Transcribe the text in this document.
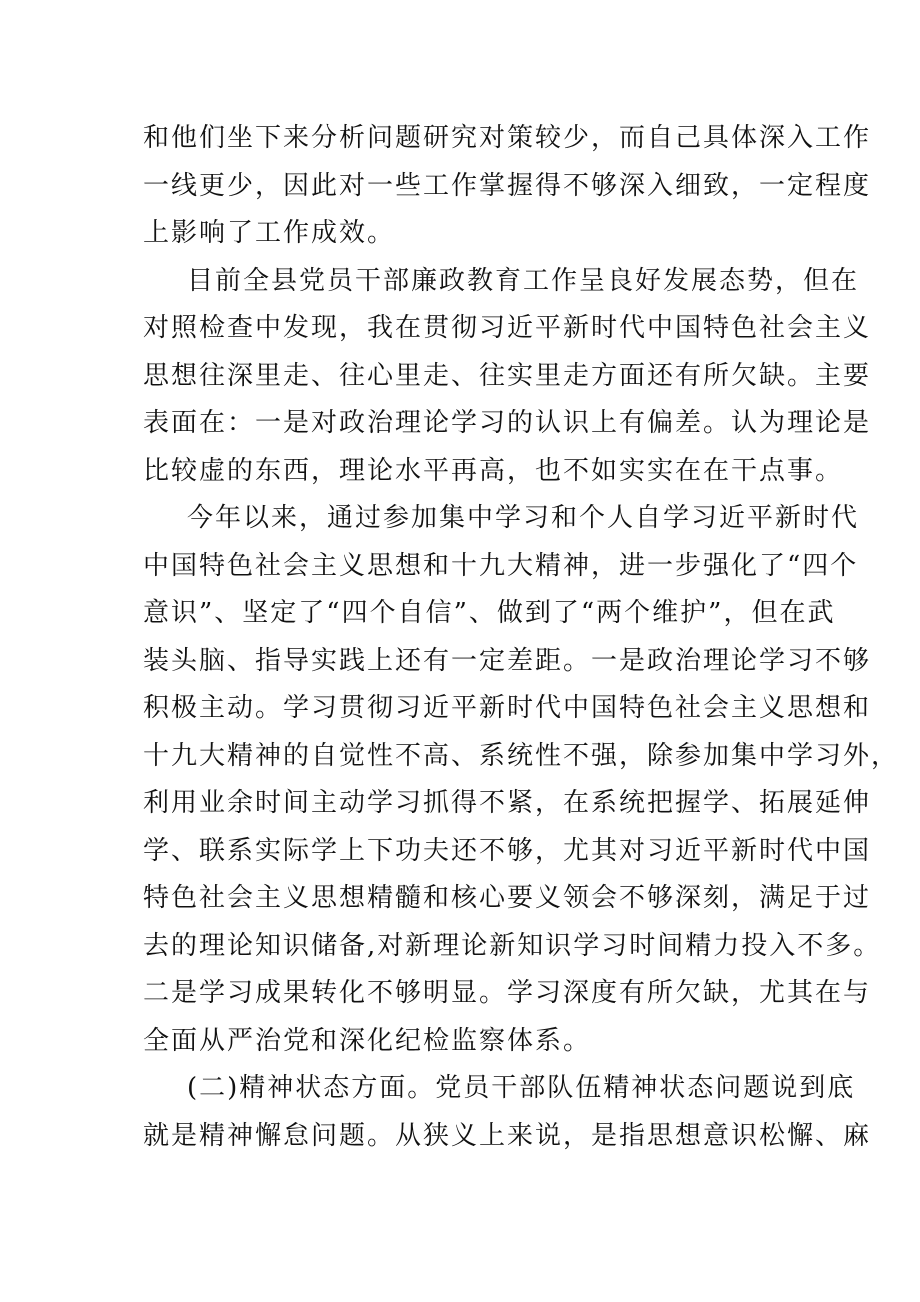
和他们坐下来分析问题研究对策较少，而自己具体深入工作
一线更少，因此对一些工作掌握得不够深入细致，一定程度
上影响了工作成效。
目前全县党员干部廉政教育工作呈良好发展态势，但在
对照检查中发现，我在贯彻习近平新时代中国特色社会主义
思想往深里走、往心里走、往实里走方面还有所欠缺。主要
表面在：一是对政治理论学习的认识上有偏差。认为理论是
比较虚的东西，理论水平再高，也不如实实在在干点事。
今年以来，通过参加集中学习和个人自学习近平新时代
中国特色社会主义思想和十九大精神，进一步强化了“四个
意识”、坚定了“四个自信”、做到了“两个维护”，但在武
装头脑、指导实践上还有一定差距。一是政治理论学习不够
积极主动。学习贯彻习近平新时代中国特色社会主义思想和
十九大精神的自觉性不高、系统性不强，除参加集中学习外，
利用业余时间主动学习抓得不紧，在系统把握学、拓展延伸
学、联系实际学上下功夫还不够，尤其对习近平新时代中国
特色社会主义思想精髓和核心要义领会不够深刻，满足于过
去的理论知识储备,对新理论新知识学习时间精力投入不多。
二是学习成果转化不够明显。学习深度有所欠缺，尤其在与
全面从严治党和深化纪检监察体系。
(二)精神状态方面。党员干部队伍精神状态问题说到底
就是精神懈怠问题。从狭义上来说，是指思想意识松懈、麻
